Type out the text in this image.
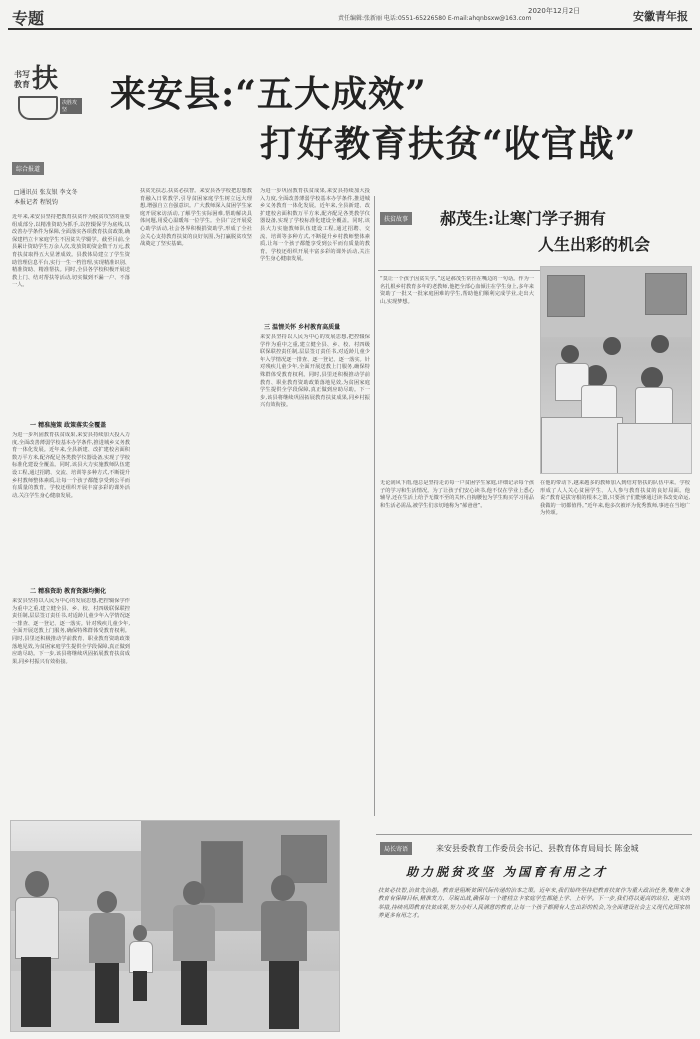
专题	责任编辑:张新丽 电话:0551-65226580 E-mail:ahqnbsxw@163.com
2020年12月2日	安徽青年报
书写教育 扶
决胜攻坚	来安县:“五大成效”
打好教育扶贫“收官战”
综合报道
□通讯员 张友银 李文冬
本报记者 程锐钧
近年来,来安县坚持把教育扶贫作为脱贫攻坚的重要组成部分,以精准资助为抓手,以控辍保学为底线,以改善办学条件为保障,全面落实各项教育扶贫政策,确保建档立卡家庭学生不因贫失学辍学。截至目前,全县累计资助学生万余人次,发放资助资金数千万元,教育扶贫取得五大显著成效。县教体局建立了学生资助管理信息平台,实行一生一档管理,实现精准识别、精准资助、精准帮扶。同时,全县各学校积极开展送教上门、结对帮扶等活动,切实做到不漏一户、不落一人。
一 精准施策 政策落实全覆盖
为进一步巩固教育扶贫成果,来安县持续加大投入力度,全面改善薄弱学校基本办学条件,推进城乡义务教育一体化发展。近年来,全县新建、改扩建校舍面积数万平方米,配齐配足各类教学仪器设备,实现了学校标准化建设全覆盖。同时,该县大力实施教师队伍建设工程,通过招聘、交流、培训等多种方式,不断提升乡村教师整体素质,让每一个孩子都能享受到公平而有质量的教育。学校还组织开展丰富多彩的课外活动,关注学生身心健康发展。
二 精准资助 教育资源均衡化
来安县坚持以人民为中心的发展思想,把控辍保学作为重中之重,建立健全县、乡、校、村四级联保联控责任制,层层签订责任书,对适龄儿童少年入学情况逐一排查、逐一登记、逐一落实。针对残疾儿童少年,全面开展送教上门服务,确保特殊群体受教育权利。同时,县里还积极推动学前教育、职业教育资助政策落地见效,为贫困家庭学生提供全学段保障,真正做到应助尽助。下一步,该县将继续巩固拓展教育扶贫成果,同乡村振兴有效衔接。
扶贫先扶志,扶贫必扶智。来安县各学校把思想教育融入日常教学,引导贫困家庭学生树立远大理想,增强自立自强意识。广大教师深入贫困学生家庭开展家访活动,了解学生实际困难,帮助解决具体问题,用爱心温暖每一位学生。全县广泛开展爱心助学活动,社会各界积极捐资助学,形成了全社会关心支持教育扶贫的良好氛围,为打赢脱贫攻坚战奠定了坚实基础。
三 温情关怀 乡村教育高质量
为进一步巩固教育扶贫成果,来安县持续加大投入力度,全面改善薄弱学校基本办学条件,推进城乡义务教育一体化发展。近年来,全县新建、改扩建校舍面积数万平方米,配齐配足各类教学仪器设备,实现了学校标准化建设全覆盖。同时,该县大力实施教师队伍建设工程,通过招聘、交流、培训等多种方式,不断提升乡村教师整体素质,让每一个孩子都能享受到公平而有质量的教育。学校还组织开展丰富多彩的课外活动,关注学生身心健康发展。
来安县坚持以人民为中心的发展思想,把控辍保学作为重中之重,建立健全县、乡、校、村四级联保联控责任制,层层签订责任书,对适龄儿童少年入学情况逐一排查、逐一登记、逐一落实。针对残疾儿童少年,全面开展送教上门服务,确保特殊群体受教育权利。同时,县里还积极推动学前教育、职业教育资助政策落地见效,为贫困家庭学生提供全学段保障,真正做到应助尽助。下一步,该县将继续巩固拓展教育扶贫成果,同乡村振兴有效衔接。
扶贫故事 郝茂生:让寒门学子拥有
人生出彩的机会
“莫让一个孩子因贫失学。”这是郝茂生常挂在嘴边的一句话。作为一名扎根乡村教育多年的老教师,他把全部心血倾注在学生身上,多年来资助了一批又一批家庭困难的学生,帮助他们顺利完成学业,走出大山,实现梦想。
无论刮风下雨,他总是坚持走访每一户贫困学生家庭,详细记录每个孩子的学习和生活情况。为了让孩子们安心读书,他不仅在学业上悉心辅导,还在生活上给予无微不至的关怀,自掏腰包为学生购买学习用品和生活必需品,被学生们亲切地称为“郝爸爸”。
在他的带动下,越来越多的教师加入到结对帮扶的队伍中来。学校形成了人人关心贫困学生、人人参与教育扶贫的良好局面。他说:“教育是拔穷根的根本之策,只要孩子们能够通过读书改变命运,我做的一切都值得。”近年来,他多次被评为优秀教师,事迹在当地广为传颂。
局长寄语	来安县委教育工作委员会书记、县教育体育局局长 陈金城
助力脱贫攻坚 为国育有用之才
扶贫必扶智,治贫先治愚。教育是阻断贫困代际传递的治本之策。近年来,我们始终坚持把教育扶贫作为重大政治任务,聚焦义务教育有保障目标,精准发力、尽锐出战,确保每一个建档立卡家庭学生都能上学、上好学。下一步,我们将以更高的站位、更实的举措,持续巩固教育扶贫成果,努力办好人民满意的教育,让每一个孩子都拥有人生出彩的机会,为全面建设社会主义现代化国家培养更多有用之才。
